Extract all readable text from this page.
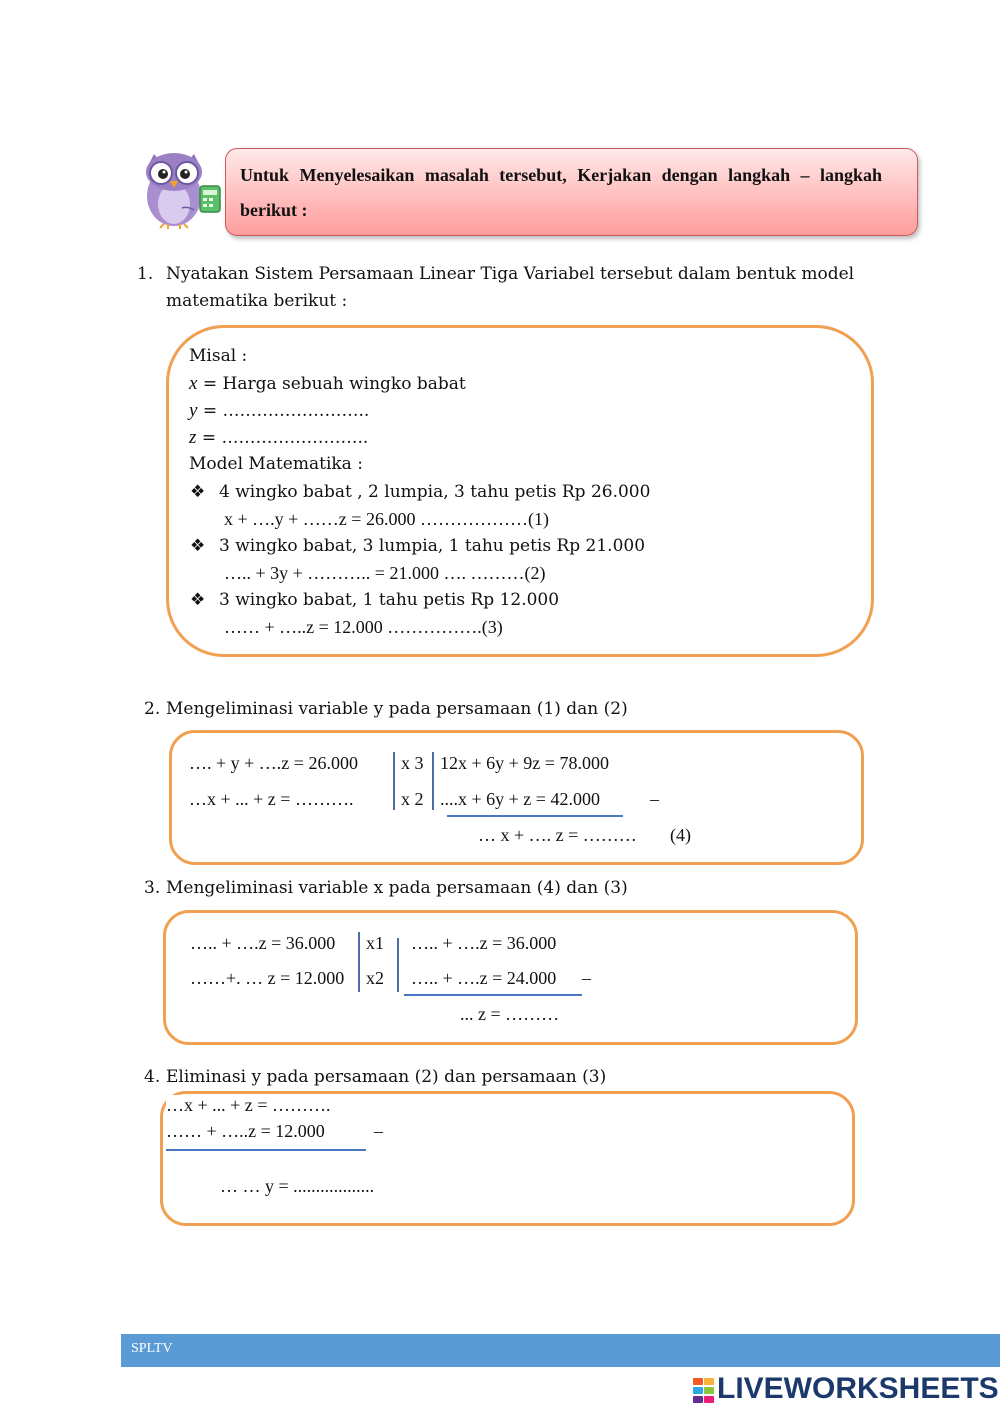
Untuk Menyelesaikan masalah tersebut, Kerjakan dengan langkah – langkah berikut :
1. Nyatakan Sistem Persamaan Linear Tiga Variabel tersebut dalam bentuk model
matematika berikut :
Misal :
x = Harga sebuah wingko babat
y = ……………………..
z = ……………………..
Model Matematika :
❖ 4 wingko babat , 2 lumpia, 3 tahu petis Rp 26.000
x + ….y + ……z = 26.000 ………………(1)
❖ 3 wingko babat, 3 lumpia, 1 tahu petis Rp 21.000
….. + 3y + ……….. = 21.000 …. ………(2)
❖ 3 wingko babat, 1 tahu petis Rp 12.000
…… + …..z = 12.000 …………….(3)
2. Mengeliminasi variable y pada persamaan (1) dan (2)
…. + y + ….z = 26.000
…x + ... + z = ……….
x 3
x 2
12x + 6y + 9z = 78.000
....x + 6y + z = 42.000	–
… x + …. z = ……… (4)
3. Mengeliminasi variable x pada persamaan (4) dan (3)
….. + ….z = 36.000
……+. … z = 12.000
x1
x2
….. + ….z = 36.000
….. + ….z = 24.000 –
... z = ………
4. Eliminasi y pada persamaan (2) dan persamaan (3)
…x + ... + z = ……….
…… + …..z = 12.000	–
… … y = ..................
SPLTV
LIVEWORKSHEETS
